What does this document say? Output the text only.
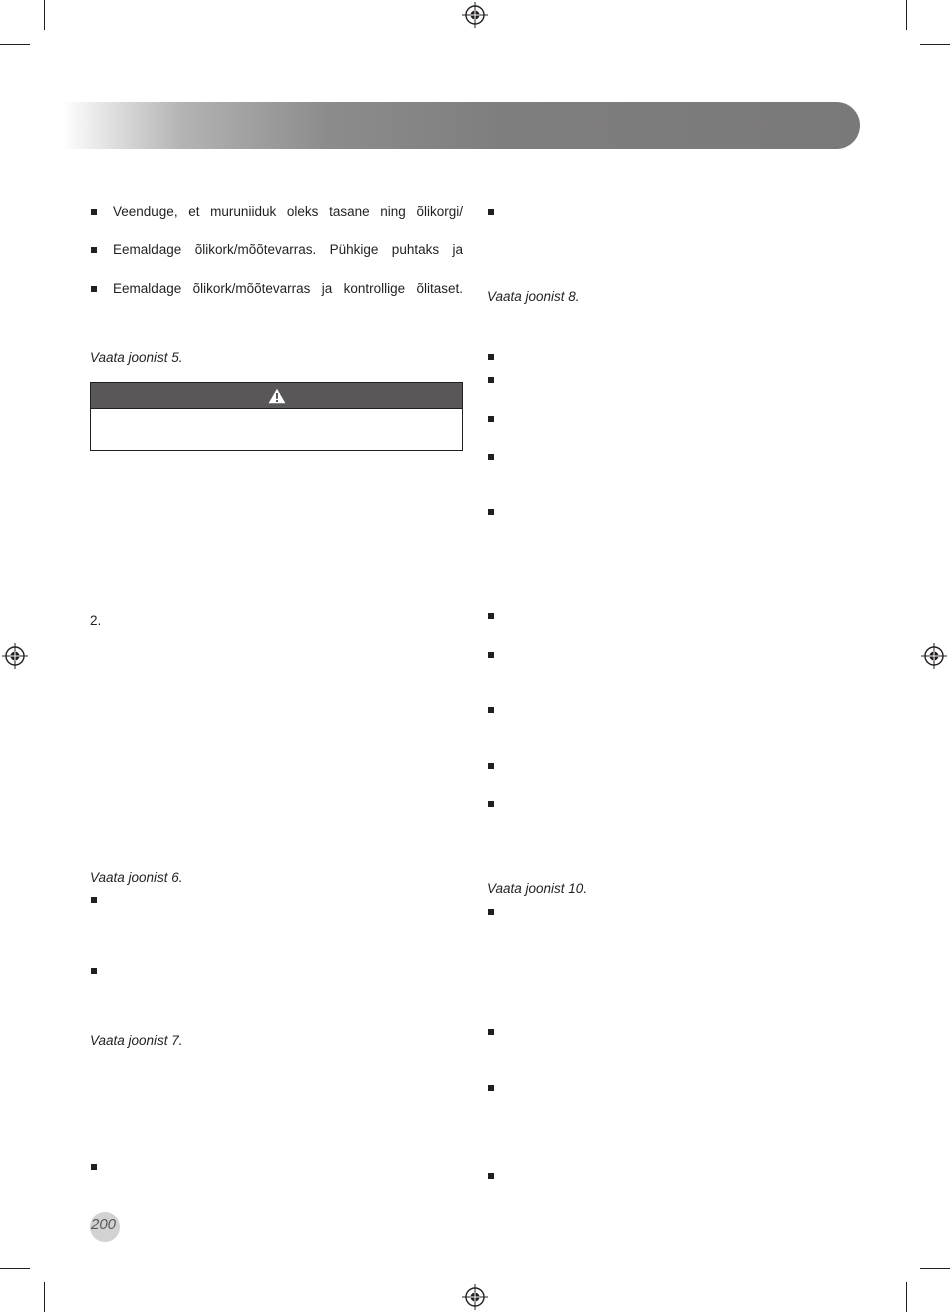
Veenduge, et muruniiduk oleks tasane ning õlikorgi/
Eemaldage õlikork/mõõtevarras. Pühkige puhtaks ja
Eemaldage õlikork/mõõtevarras ja kontrollige õlitaset.
Vaata joonist 5.
2.
Vaata joonist 6.
Vaata joonist 7.
Vaata joonist 8.
Vaata joonist 10.
200
